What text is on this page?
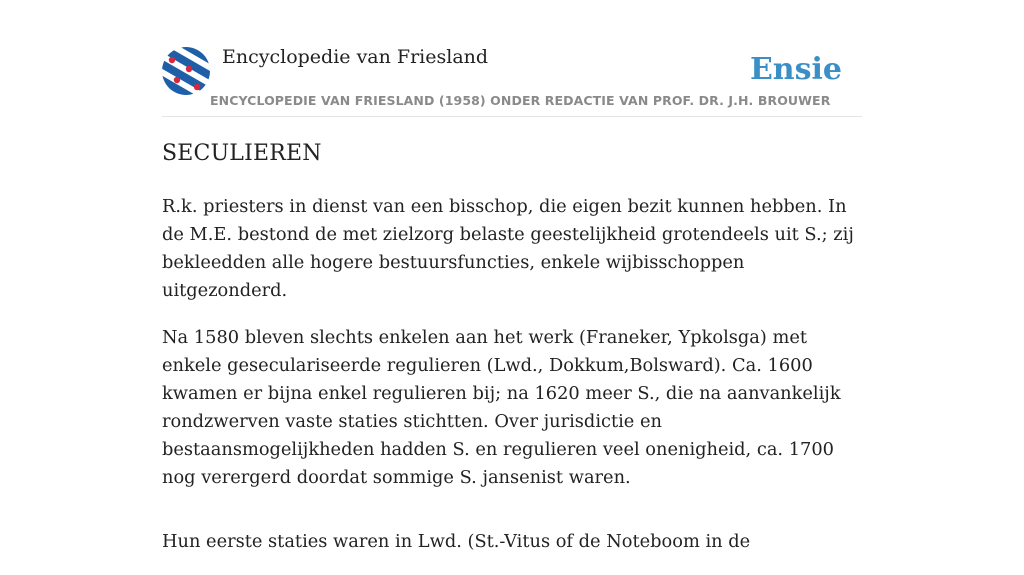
Encyclopedie van Friesland
ENCYCLOPEDIE VAN FRIESLAND (1958) ONDER REDACTIE VAN PROF. DR. J.H. BROUWER
Ensie
SECULIEREN

R.k. priesters in dienst van een bisschop, die eigen bezit kunnen hebben. In de M.E. bestond de met zielzorg belaste geestelijkheid grotendeels uit S.; zij bekleedden alle hogere bestuursfuncties, enkele wijbisschoppen uitgezonderd.

Na 1580 bleven slechts enkelen aan het werk (Franeker, Ypkolsga) met enkele geseculariseerde regulieren (Lwd., Dokkum,Bolsward). Ca. 1600 kwamen er bijna enkel regulieren bij; na 1620 meer S., die na aanvankelijk rondzwerven vaste staties stichtten. Over jurisdictie en bestaansmogelijkheden hadden S. en regulieren veel onenigheid, ca. 1700 nog verergerd doordat sommige S. jansenist waren.

Hun eerste staties waren in Lwd. (St.-Vitus of de Noteboom in de
